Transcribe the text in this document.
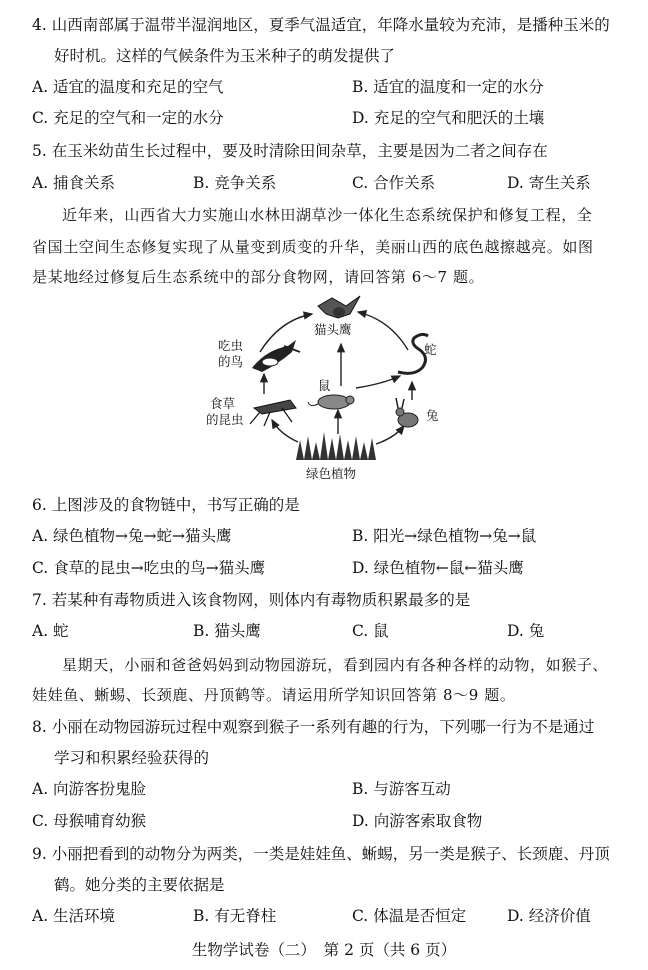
4. 山西南部属于温带半湿润地区，夏季气温适宜，年降水量较为充沛，是播种玉米的
好时机。这样的气候条件为玉米种子的萌发提供了
A. 适宜的温度和充足的空气	B. 适宜的温度和一定的水分
C. 充足的空气和一定的水分	D. 充足的空气和肥沃的土壤
5. 在玉米幼苗生长过程中，要及时清除田间杂草，主要是因为二者之间存在
A. 捕食关系	B. 竞争关系	C. 合作关系	D. 寄生关系
近年来，山西省大力实施山水林田湖草沙一体化生态系统保护和修复工程，全
省国土空间生态修复实现了从量变到质变的升华，美丽山西的底色越擦越亮。如图
是某地经过修复后生态系统中的部分食物网，请回答第 6～7 题。
猫头鹰
吃虫
的鸟
蛇
鼠
食草
的昆虫	兔
绿色植物
6. 上图涉及的食物链中，书写正确的是
A. 绿色植物→兔→蛇→猫头鹰	B. 阳光→绿色植物→兔→鼠
C. 食草的昆虫→吃虫的鸟→猫头鹰	D. 绿色植物←鼠←猫头鹰
7. 若某种有毒物质进入该食物网，则体内有毒物质积累最多的是
A. 蛇	B. 猫头鹰	C. 鼠	D. 兔
星期天，小丽和爸爸妈妈到动物园游玩，看到园内有各种各样的动物，如猴子、
娃娃鱼、蜥蜴、长颈鹿、丹顶鹤等。请运用所学知识回答第 8～9 题。
8. 小丽在动物园游玩过程中观察到猴子一系列有趣的行为，下列哪一行为不是通过
学习和积累经验获得的
A. 向游客扮鬼脸	B. 与游客互动
C. 母猴哺育幼猴	D. 向游客索取食物
9. 小丽把看到的动物分为两类，一类是娃娃鱼、蜥蜴，另一类是猴子、长颈鹿、丹顶
鹤。她分类的主要依据是
A. 生活环境	B. 有无脊柱	C. 体温是否恒定	D. 经济价值
生物学试卷（二）　第 2 页（共 6 页）
